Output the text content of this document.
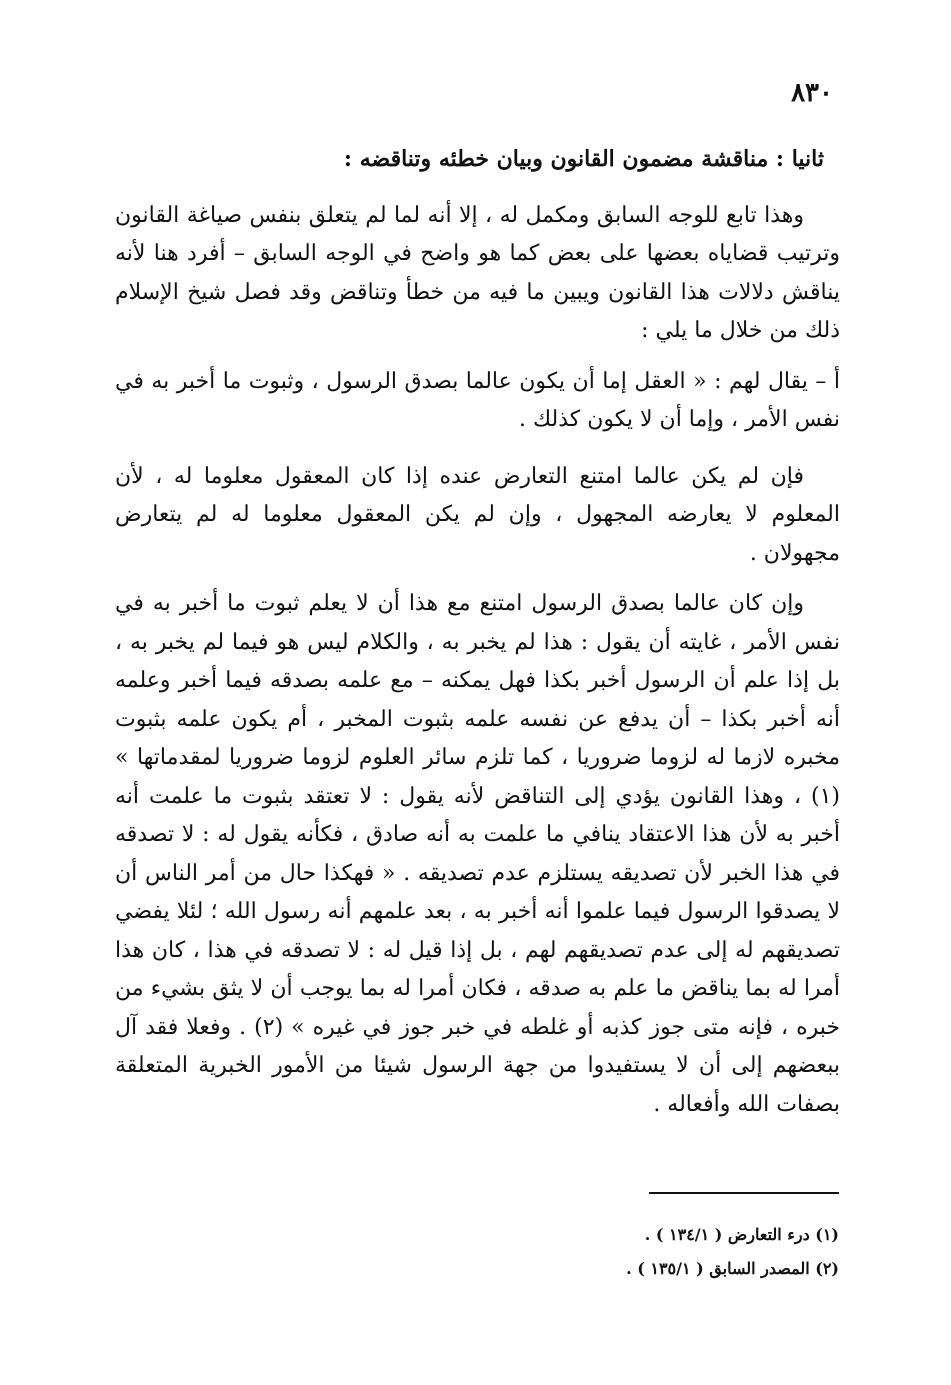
٨٣٠

ثانيا : مناقشة مضمون القانون وبيان خطئه وتناقضه :

وهذا تابع للوجه السابق ومكمل له ، إلا أنه لما لم يتعلق بنفس صياغة القانون وترتيب قضاياه بعضها على بعض كما هو واضح في الوجه السابق – أفرد هنا لأنه يناقش دلالات هذا القانون ويبين ما فيه من خطأ وتناقض وقد فصل شيخ الإسلام ذلك من خلال ما يلي :

أ – يقال لهم : « العقل إما أن يكون عالما بصدق الرسول ، وثبوت ما أخبر به في نفس الأمر ، وإما أن لا يكون كذلك .

فإن لم يكن عالما امتنع التعارض عنده إذا كان المعقول معلوما له ، لأن المعلوم لا يعارضه المجهول ، وإن لم يكن المعقول معلوما له لم يتعارض مجهولان .

وإن كان عالما بصدق الرسول امتنع مع هذا أن لا يعلم ثبوت ما أخبر به في نفس الأمر ، غايته أن يقول : هذا لم يخبر به ، والكلام ليس هو فيما لم يخبر به ، بل إذا علم أن الرسول أخبر بكذا فهل يمكنه – مع علمه بصدقه فيما أخبر وعلمه أنه أخبر بكذا – أن يدفع عن نفسه علمه بثبوت المخبر ، أم يكون علمه بثبوت مخبره لازما له لزوما ضروريا ، كما تلزم سائر العلوم لزوما ضروريا لمقدماتها » (١) ، وهذا القانون يؤدي إلى التناقض لأنه يقول : لا تعتقد بثبوت ما علمت أنه أخبر به لأن هذا الاعتقاد ينافي ما علمت به أنه صادق ، فكأنه يقول له : لا تصدقه في هذا الخبر لأن تصديقه يستلزم عدم تصديقه . « فهكذا حال من أمر الناس أن لا يصدقوا الرسول فيما علموا أنه أخبر به ، بعد علمهم أنه رسول الله ؛ لئلا يفضي تصديقهم له إلى عدم تصديقهم لهم ، بل إذا قيل له : لا تصدقه في هذا ، كان هذا أمرا له بما يناقض ما علم به صدقه ، فكان أمرا له بما يوجب أن لا يثق بشيء من خبره ، فإنه متى جوز كذبه أو غلطه في خبر جوز في غيره » (٢) . وفعلا فقد آل ببعضهم إلى أن لا يستفيدوا من جهة الرسول شيئا من الأمور الخبرية المتعلقة بصفات الله وأفعاله .

(١) درء التعارض ( ١٣٤/١ ) .

(٢) المصدر السابق ( ١٣٥/١ ) .
